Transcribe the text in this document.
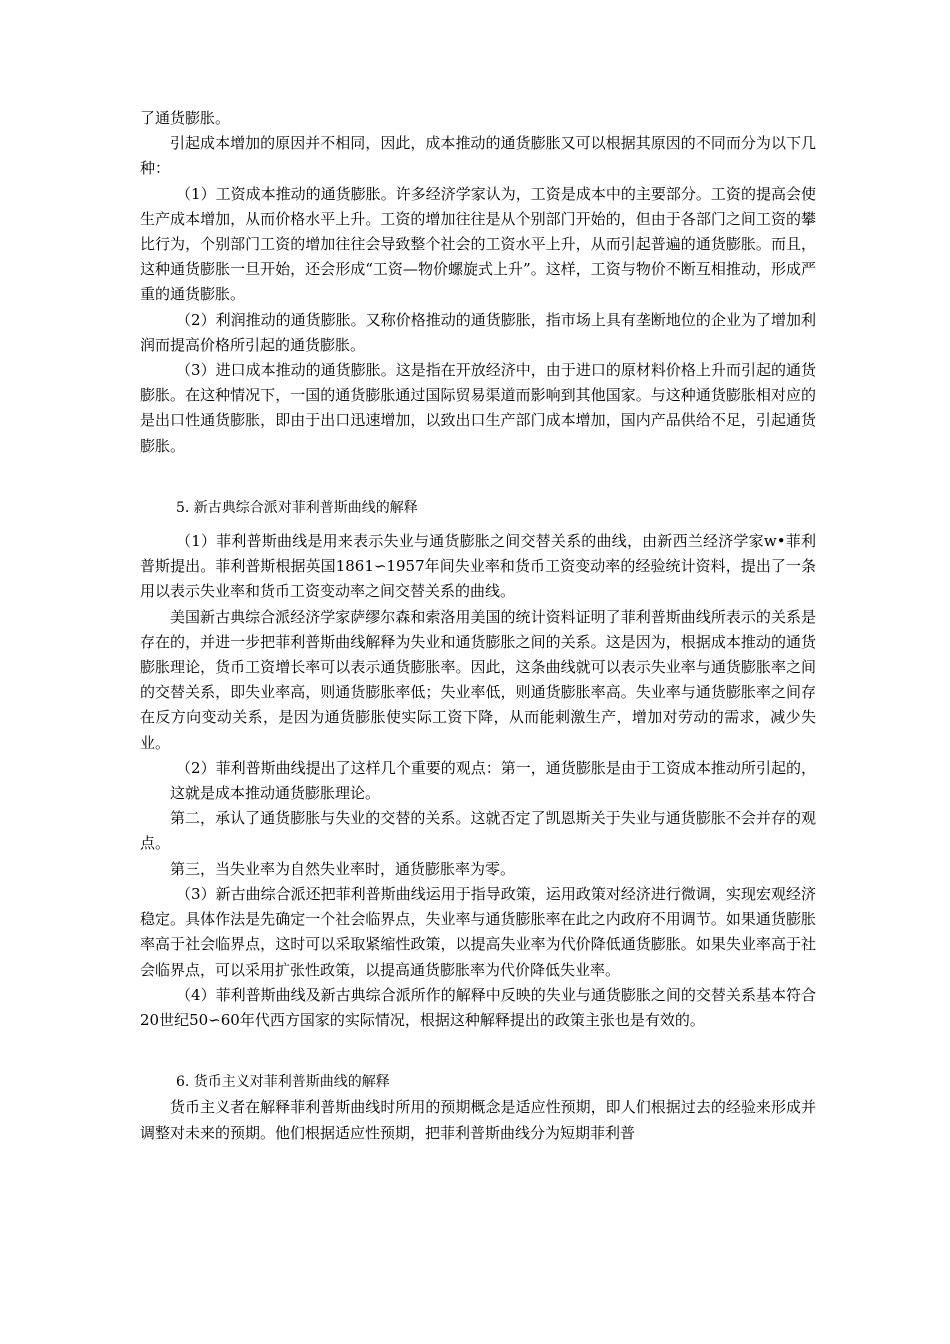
了通货膨胀。

引起成本增加的原因并不相同，因此，成本推动的通货膨胀又可以根据其原因的不同而分为以下几种：

（1）工资成本推动的通货膨胀。许多经济学家认为，工资是成本中的主要部分。工资的提高会使生产成本增加，从而价格水平上升。工资的增加往往是从个别部门开始的，但由于各部门之间工资的攀比行为，个别部门工资的增加往往会导致整个社会的工资水平上升，从而引起普遍的通货膨胀。而且，这种通货膨胀一旦开始，还会形成“工资—物价螺旋式上升”。这样，工资与物价不断互相推动，形成严重的通货膨胀。

（2）利润推动的通货膨胀。又称价格推动的通货膨胀，指市场上具有垄断地位的企业为了增加利润而提高价格所引起的通货膨胀。

（3）进口成本推动的通货膨胀。这是指在开放经济中，由于进口的原材料价格上升而引起的通货膨胀。在这种情况下，一国的通货膨胀通过国际贸易渠道而影响到其他国家。与这种通货膨胀相对应的是出口性通货膨胀，即由于出口迅速增加，以致出口生产部门成本增加，国内产品供给不足，引起通货膨胀。

5. 新古典综合派对菲利普斯曲线的解释

（1）菲利普斯曲线是用来表示失业与通货膨胀之间交替关系的曲线，由新西兰经济学家w•菲利普斯提出。菲利普斯根据英国1861∽1957年间失业率和货币工资变动率的经验统计资料，提出了一条用以表示失业率和货币工资变动率之间交替关系的曲线。

美国新古典综合派经济学家萨缪尔森和索洛用美国的统计资料证明了菲利普斯曲线所表示的关系是存在的，并进一步把菲利普斯曲线解释为失业和通货膨胀之间的关系。这是因为，根据成本推动的通货膨胀理论，货币工资增长率可以表示通货膨胀率。因此，这条曲线就可以表示失业率与通货膨胀率之间的交替关系，即失业率高，则通货膨胀率低；失业率低，则通货膨胀率高。失业率与通货膨胀率之间存在反方向变动关系，是因为通货膨胀使实际工资下降，从而能刺激生产，增加对劳动的需求，减少失业。

（2）菲利普斯曲线提出了这样几个重要的观点：第一，通货膨胀是由于工资成本推动所引起的，这就是成本推动通货膨胀理论。

第二，承认了通货膨胀与失业的交替的关系。这就否定了凯恩斯关于失业与通货膨胀不会并存的观点。

第三，当失业率为自然失业率时，通货膨胀率为零。

（3）新古曲综合派还把菲利普斯曲线运用于指导政策，运用政策对经济进行微调，实现宏观经济稳定。具体作法是先确定一个社会临界点，失业率与通货膨胀率在此之内政府不用调节。如果通货膨胀率高于社会临界点，这时可以采取紧缩性政策，以提高失业率为代价降低通货膨胀。如果失业率高于社会临界点，可以采用扩张性政策，以提高通货膨胀率为代价降低失业率。

（4）菲利普斯曲线及新古典综合派所作的解释中反映的失业与通货膨胀之间的交替关系基本符合20世纪50∽60年代西方国家的实际情况，根据这种解释提出的政策主张也是有效的。

6. 货币主义对菲利普斯曲线的解释

货币主义者在解释菲利普斯曲线时所用的预期概念是适应性预期，即人们根据过去的经验来形成并调整对未来的预期。他们根据适应性预期，把菲利普斯曲线分为短期菲利普
